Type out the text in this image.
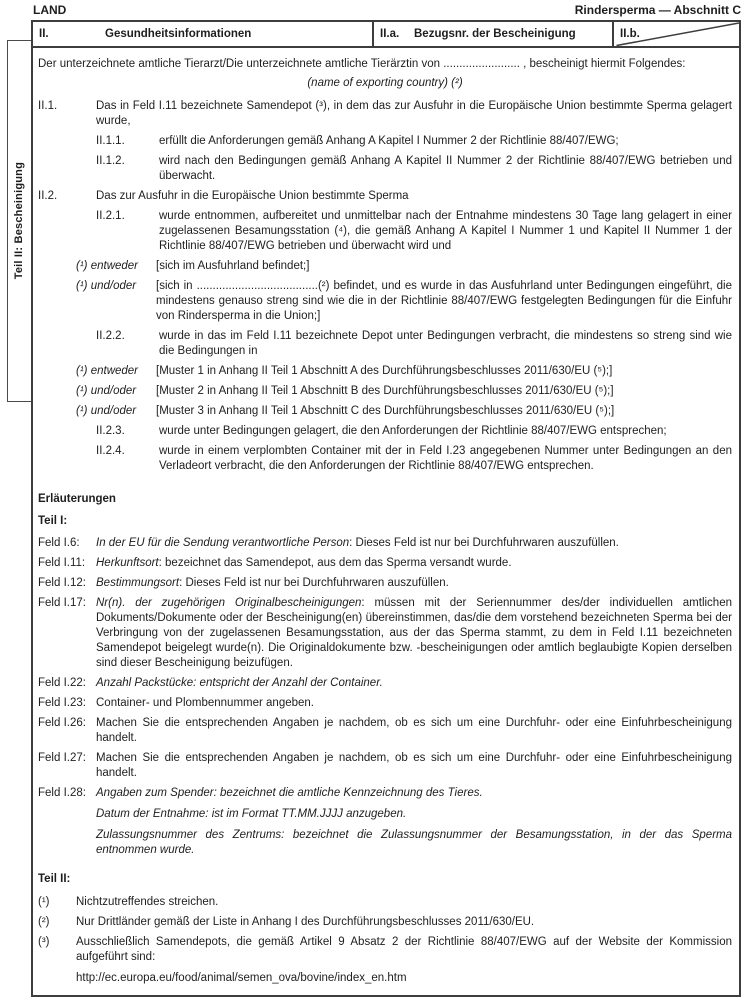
LAND	Rindersperma — Abschnitt C
Teil II: Bescheinigung
II.	Gesundheitsinformationen	II.a.	Bezugsnr. der Bescheinigung	II.b.
Der unterzeichnete amtliche Tierarzt/Die unterzeichnete amtliche Tierärztin von ........................ , bescheinigt hiermit Folgendes:
(name of exporting country) (²)
II.1.	Das in Feld I.11 bezeichnete Samendepot (³), in dem das zur Ausfuhr in die Europäische Union bestimmte Sperma gelagert wurde,
II.1.1.	erfüllt die Anforderungen gemäß Anhang A Kapitel I Nummer 2 der Richtlinie 88/407/EWG;
II.1.2.	wird nach den Bedingungen gemäß Anhang A Kapitel II Nummer 2 der Richtlinie 88/407/EWG betrieben und überwacht.
II.2.	Das zur Ausfuhr in die Europäische Union bestimmte Sperma
II.2.1.	wurde entnommen, aufbereitet und unmittelbar nach der Entnahme mindestens 30 Tage lang gelagert in einer zugelassenen Besamungsstation (⁴), die gemäß Anhang A Kapitel I Nummer 1 und Kapitel II Nummer 1 der Richtlinie 88/407/EWG betrieben und überwacht wird und
(¹) entweder	[sich im Ausfuhrland befindet;]
(¹) und/oder	[sich in ......................................(²) befindet, und es wurde in das Ausfuhrland unter Bedingungen eingeführt, die mindestens genauso streng sind wie die in der Richtlinie 88/407/EWG festgelegten Bedingungen für die Einfuhr von Rindersperma in die Union;]
II.2.2.	wurde in das im Feld I.11 bezeichnete Depot unter Bedingungen verbracht, die mindestens so streng sind wie die Bedingungen in
(¹) entweder	[Muster 1 in Anhang II Teil 1 Abschnitt A des Durchführungsbeschlusses 2011/630/EU (⁵);]
(¹) und/oder	[Muster 2 in Anhang II Teil 1 Abschnitt B des Durchführungsbeschlusses 2011/630/EU (⁵);]
(¹) und/oder	[Muster 3 in Anhang II Teil 1 Abschnitt C des Durchführungsbeschlusses 2011/630/EU (⁵);]
II.2.3.	wurde unter Bedingungen gelagert, die den Anforderungen der Richtlinie 88/407/EWG entsprechen;
II.2.4.	wurde in einem verplombten Container mit der in Feld I.23 angegebenen Nummer unter Bedingungen an den Verladeort verbracht, die den Anforderungen der Richtlinie 88/407/EWG entsprechen.
Erläuterungen
Teil I:
Feld I.6:	In der EU für die Sendung verantwortliche Person: Dieses Feld ist nur bei Durchfuhrwaren auszufüllen.
Feld I.11: Herkunftsort: bezeichnet das Samendepot, aus dem das Sperma versandt wurde.
Feld I.12: Bestimmungsort: Dieses Feld ist nur bei Durchfuhrwaren auszufüllen.
Feld I.17: Nr(n). der zugehörigen Originalbescheinigungen: müssen mit der Seriennummer des/der individuellen amtlichen Dokuments/Dokumente oder der Bescheinigung(en) übereinstimmen, das/die dem vorstehend bezeichneten Sperma bei der Verbringung von der zugelassenen Besamungsstation, aus der das Sperma stammt, zu dem in Feld I.11 bezeichneten Samendepot beigelegt wurde(n). Die Originaldokumente bzw. -bescheinigungen oder amtlich beglaubigte Kopien derselben sind dieser Bescheinigung beizufügen.
Feld I.22: Anzahl Packstücke: entspricht der Anzahl der Container.
Feld I.23: Container- und Plombennummer angeben.
Feld I.26: Machen Sie die entsprechenden Angaben je nachdem, ob es sich um eine Durchfuhr- oder eine Einfuhrbescheinigung handelt.
Feld I.27: Machen Sie die entsprechenden Angaben je nachdem, ob es sich um eine Durchfuhr- oder eine Einfuhrbescheinigung handelt.
Feld I.28: Angaben zum Spender: bezeichnet die amtliche Kennzeichnung des Tieres.
Datum der Entnahme: ist im Format TT.MM.JJJJ anzugeben.
Zulassungsnummer des Zentrums: bezeichnet die Zulassungsnummer der Besamungsstation, in der das Sperma entnommen wurde.
Teil II:
(¹)	Nichtzutreffendes streichen.
(²)	Nur Drittländer gemäß der Liste in Anhang I des Durchführungsbeschlusses 2011/630/EU.
(³)	Ausschließlich Samendepots, die gemäß Artikel 9 Absatz 2 der Richtlinie 88/407/EWG auf der Website der Kommission aufgeführt sind:
http://ec.europa.eu/food/animal/semen_ova/bovine/index_en.htm
